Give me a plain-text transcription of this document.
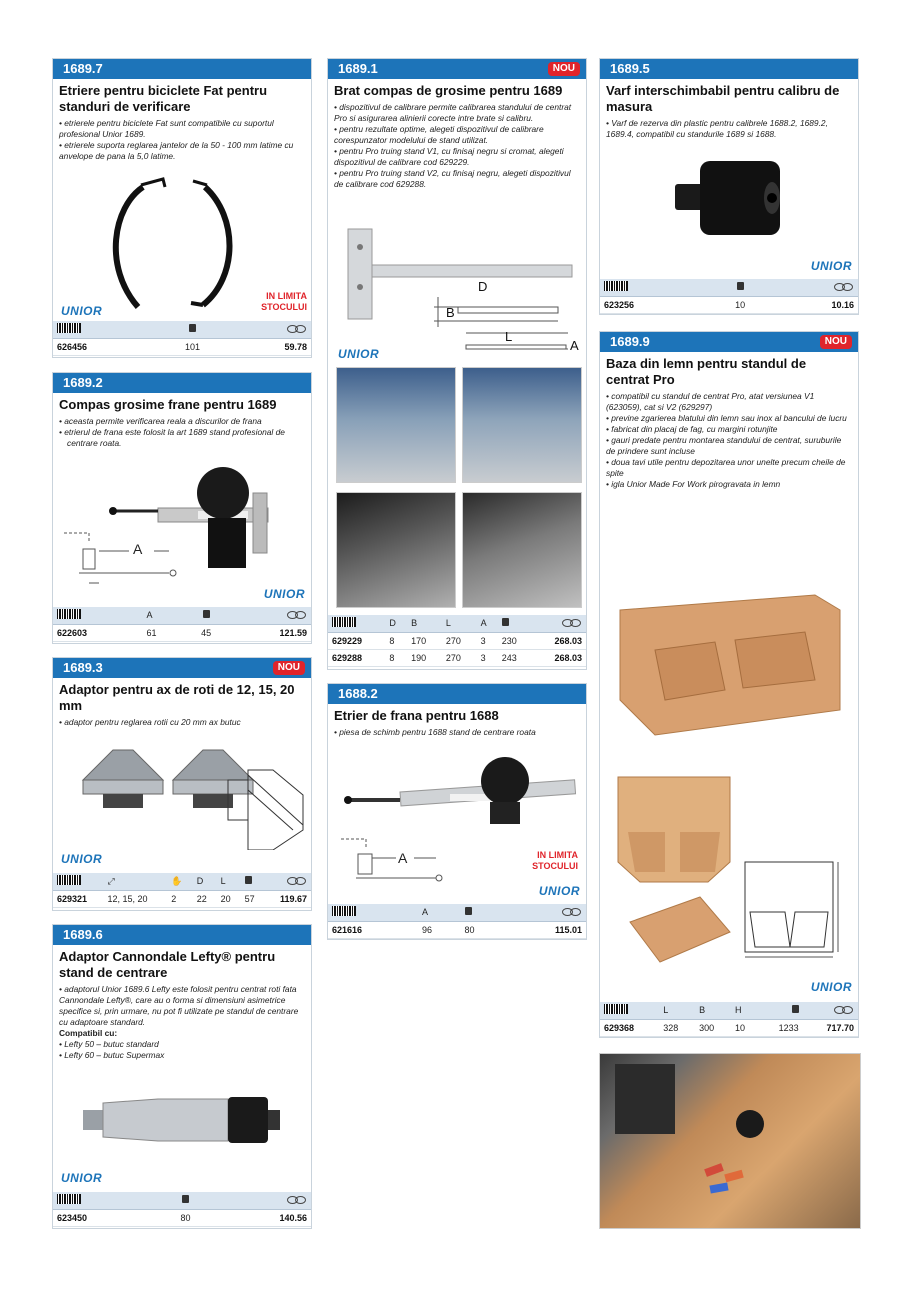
1689.7
Etriere pentru biciclete Fat pentru standuri de verificare

• etrierele pentru biciclete Fat sunt compatibile cu suportul profesional Unior 1689.

• etrierele suporta reglarea jantelor de la 50 - 100 mm latime cu anvelope de pana la 5,0 latime.

IN LIMITA STOCULUI
UNIOR

626456	101	59.78
1689.2
Compas grosime frane pentru 1689

• aceasta permite verificarea reala a discurilor de frana

• etrierul de frana este folosit la art 1689 stand profesional de centrare roata.

A
UNIOR
	A		
622603	61	45	121.59
1689.3	NOU
Adaptor pentru ax de roti de 12, 15, 20 mm

• adaptor pentru reglarea rotii cu 20 mm ax butuc

UNIOR
	⤢	✋	D	L		
629321	12, 15, 20	2	22	20	57	119.67
1689.6
Adaptor Cannondale Lefty® pentru stand de centrare

• adaptorul Unior 1689.6 Lefty este folosit pentru centrat roti fata Cannondale Lefty®, care au o forma si dimensiuni asimetrice specifice si, prin urmare, nu pot fi utilizate pe standul de centrare cu adaptoare standard.

Compatibil cu:

• Lefty 50 – butuc standard

• Lefty 60 – butuc Supermax

UNIOR

623450	80	140.56
1689.1	NOU
Brat compas de grosime pentru 1689

• dispozitivul de calibrare permite calibrarea standului de centrat Pro si asigurarea alinierii corecte intre brate si calibru.

• pentru rezultate optime, alegeti dispozitivul de calibrare corespunzator modelului de stand utilizat.

• pentru Pro truing stand V1, cu finisaj negru si cromat, alegeti dispozitivul de calibrare cod 629229.

• pentru Pro truing stand V2, cu finisaj negru, alegeti dispozitivul de calibrare cod 629288.

D
B
L
A
UNIOR
	D	B	L	A		
629229	8	170	270	3	230	268.03
629288	8	190	270	3	243	268.03
1688.2
Etrier de frana pentru 1688

• piesa de schimb pentru 1688 stand de centrare roata

A	IN LIMITA STOCULUI
UNIOR
	A		
621616	96	80	115.01
1689.5
Varf interschimbabil pentru calibru de masura

• Varf de rezerva din plastic pentru calibrele 1688.2, 1689.2, 1689.4, compatibil cu standurile 1689 si 1688.

UNIOR

623256	10	10.16
1689.9	NOU
Baza din lemn pentru standul de centrat Pro

• compatibil cu standul de centrat Pro, atat versiunea V1 (623059), cat si V2 (629297)

• previne zgarierea blatului din lemn sau inox al bancului de lucru

• fabricat din placaj de fag, cu margini rotunjite

• gauri predate pentru montarea standului de centrat, suruburile de prindere sunt incluse

• doua tavi utile pentru depozitarea unor unelte precum cheile de spite

• igla Unior Made For Work pirogravata in lemn

UNIOR
	L	B	H		
629368	328	300	10	1233	717.70
